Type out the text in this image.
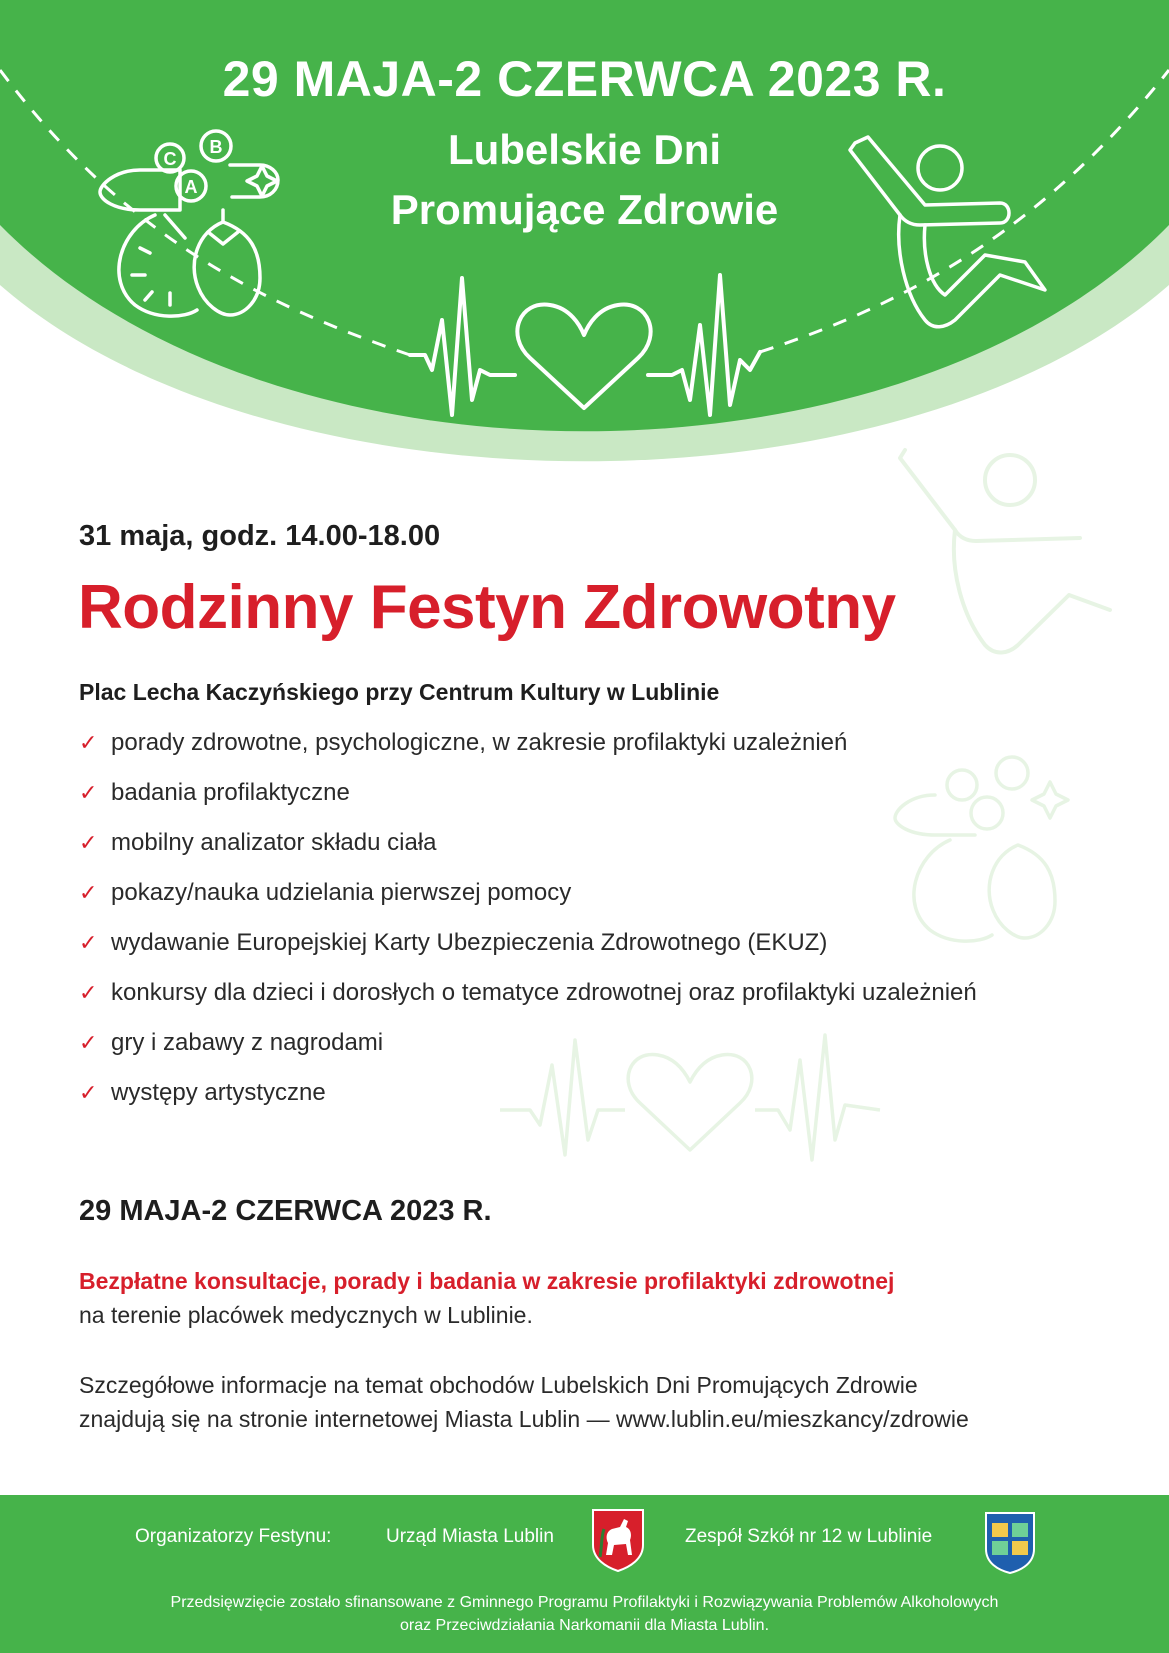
C
B
A
29 MAJA-2 CZERWCA 2023 R.
Lubelskie Dni
Promujące Zdrowie
31 maja, godz. 14.00-18.00
Rodzinny Festyn Zdrowotny
Plac Lecha Kaczyńskiego przy Centrum Kultury w Lublinie
✓ porady zdrowotne, psychologiczne, w zakresie profilaktyki uzależnień
✓ badania profilaktyczne
✓ mobilny analizator składu ciała
✓ pokazy/nauka udzielania pierwszej pomocy
✓ wydawanie Europejskiej Karty Ubezpieczenia Zdrowotnego (EKUZ)
✓ konkursy dla dzieci i dorosłych o tematyce zdrowotnej oraz profilaktyki uzależnień
✓ gry i zabawy z nagrodami
✓ występy artystyczne
29 MAJA-2 CZERWCA 2023 R.
Bezpłatne konsultacje, porady i badania w zakresie profilaktyki zdrowotnej
na terenie placówek medycznych w Lublinie.
Szczegółowe informacje na temat obchodów Lubelskich Dni Promujących Zdrowie
znajdują się na stronie internetowej Miasta Lublin — www.lublin.eu/mieszkancy/zdrowie
Organizatorzy Festynu:	Urząd Miasta Lublin	Zespół Szkół nr 12 w Lublinie
Przedsięwzięcie zostało sfinansowane z Gminnego Programu Profilaktyki i Rozwiązywania Problemów Alkoholowych
oraz Przeciwdziałania Narkomanii dla Miasta Lublin.
